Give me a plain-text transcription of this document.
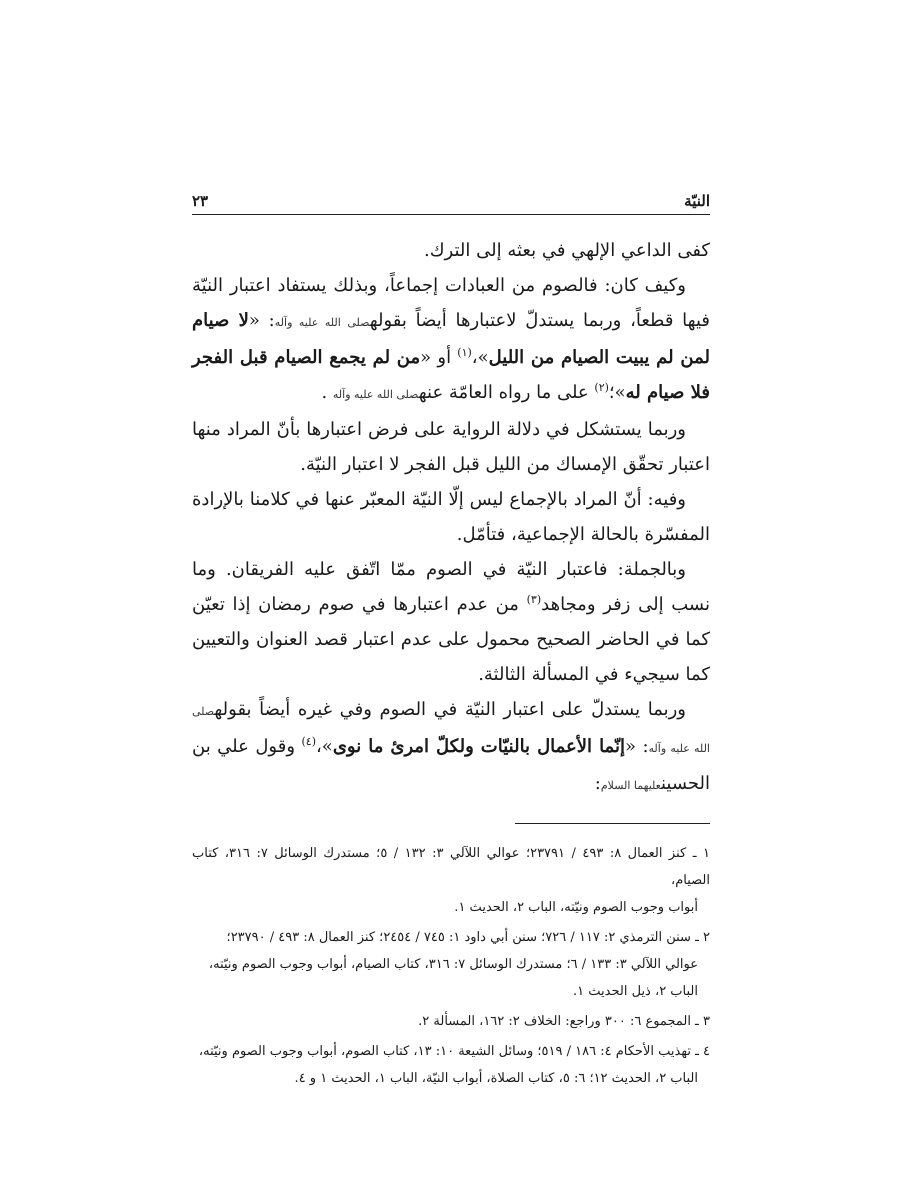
النيّة
٢٣

كفى الداعي الإلهي في بعثه إلى الترك.

وكيف كان: فالصوم من العبادات إجماعاً، وبذلك يستفاد اعتبار النيّة فيها قطعاً، وربما يستدلّ لاعتبارها أيضاً بقولهصلى الله عليه وآله: «لا صيام لمن لم يبيت الصيام من الليل»،$^{(١)}$ أو «من لم يجمع الصيام قبل الفجر فلا صيام له»؛$^{(٢)}$ على ما رواه العامّة عنهصلى الله عليه وآله .

وربما يستشكل في دلالة الرواية على فرض اعتبارها بأنّ المراد منها اعتبار تحقّق الإمساك من الليل قبل الفجر لا اعتبار النيّة.

وفيه: أنّ المراد بالإجماع ليس إلّا النيّة المعبّر عنها في كلامنا بالإرادة المفسّرة بالحالة الإجماعية، فتأمّل.

وبالجملة: فاعتبار النيّة في الصوم ممّا اتّفق عليه الفريقان. وما نسب إلى زفر ومجاهد$^{(٣)}$ من عدم اعتبارها في صوم رمضان إذا تعيّن كما في الحاضر الصحيح محمول على عدم اعتبار قصد العنوان والتعيين كما سيجيء في المسألة الثالثة.

وربما يستدلّ على اعتبار النيّة في الصوم وفي غيره أيضاً بقولهصلى الله عليه وآله: «إنّما الأعمال بالنيّات ولكلّ امرئ ما نوى»،$^{(٤)}$ وقول علي بن الحسينعليهما السلام:

١ ـ كنز العمال ٨: ٤٩٣ / ٢٣٧٩١؛ عوالي اللآلي ٣: ١٣٢ / ٥؛ مستدرك الوسائل ٧: ٣١٦، كتاب الصيام،
أبواب وجوب الصوم ونيّته، الباب ٢، الحديث ١.
٢ ـ سنن الترمذي ٢: ١١٧ / ٧٢٦؛ سنن أبي داود ١: ٧٤٥ / ٢٤٥٤؛ كنز العمال ٨: ٤٩٣ / ٢٣٧٩٠؛
عوالي اللآلي ٣: ١٣٣ / ٦؛ مستدرك الوسائل ٧: ٣١٦، كتاب الصيام، أبواب وجوب الصوم ونيّته،
الباب ٢، ذيل الحديث ١.
٣ ـ المجموع ٦: ٣٠٠ وراجع: الخلاف ٢: ١٦٢، المسألة ٢.
٤ ـ تهذيب الأحكام ٤: ١٨٦ / ٥١٩؛ وسائل الشيعة ١٠: ١٣، كتاب الصوم، أبواب وجوب الصوم ونيّته،
الباب ٢، الحديث ١٢؛ ٦: ٥، كتاب الصلاة، أبواب النيّة، الباب ١، الحديث ١ و ٤.
